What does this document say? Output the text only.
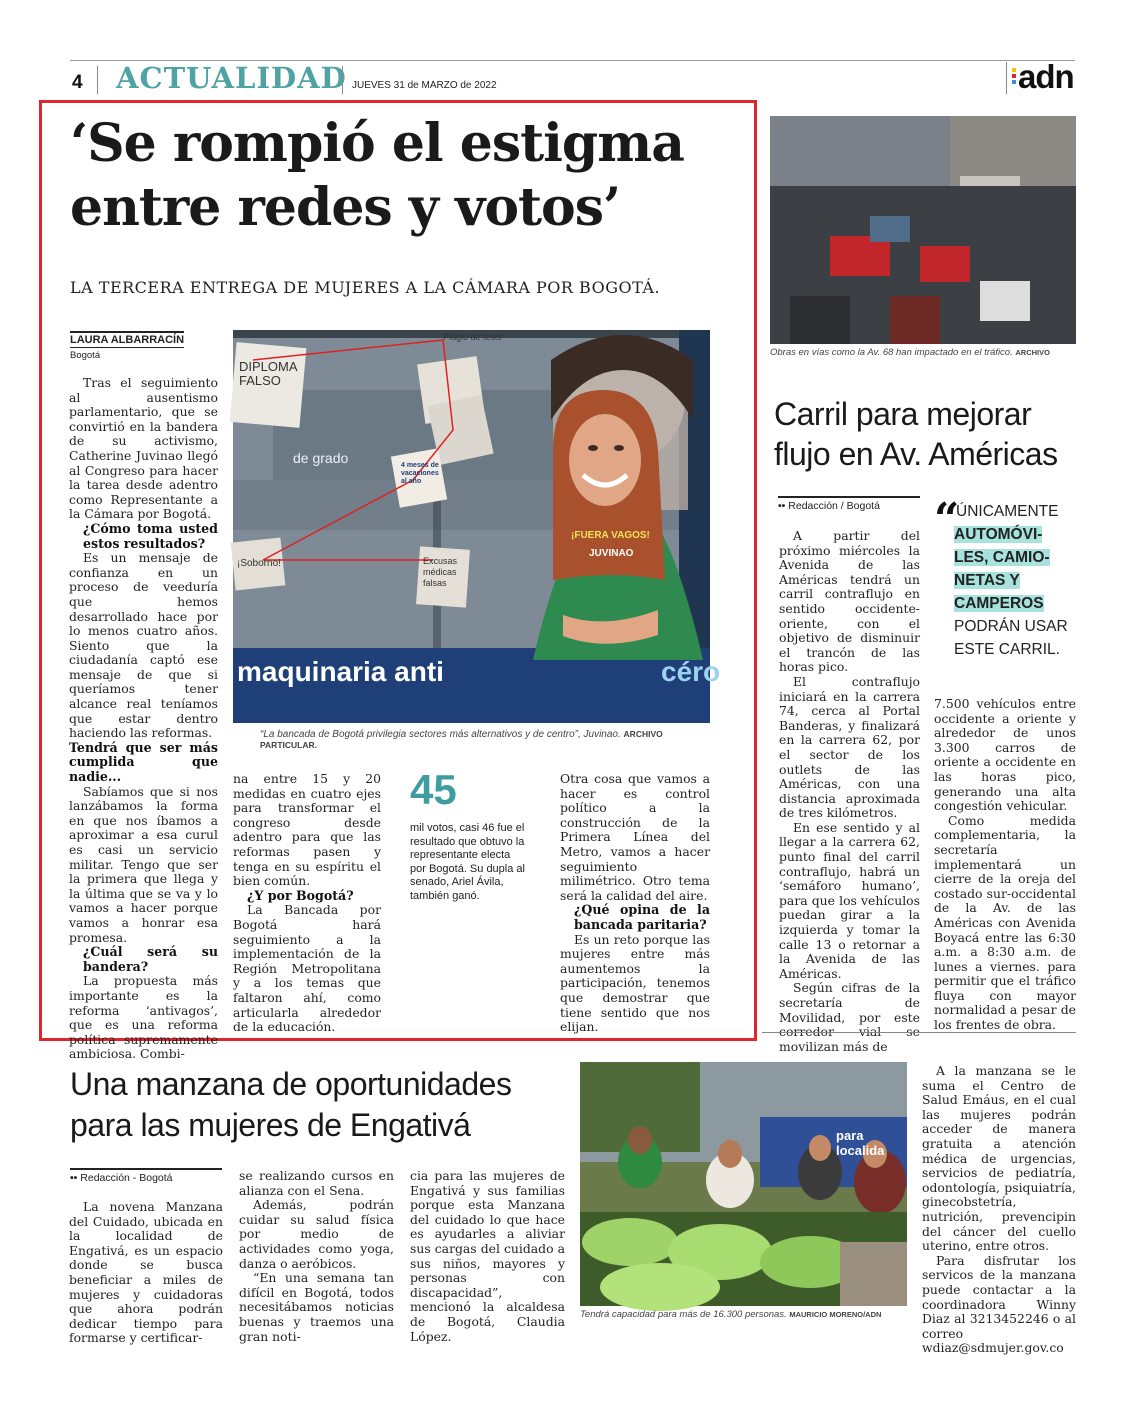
4 ACTUALIDAD JUEVES 31 de MARZO de 2022	adn
‘Se rompió el estigma
entre redes y votos’
LA TERCERA ENTREGA DE MUJERES A LA CÁMARA POR BOGOTÁ.
LAURA ALBARRACÍN
Bogotá

Tras el seguimiento al ausentismo parlamentario, que se convirtió en la bandera de su activismo, Catherine Juvinao llegó al Congreso para hacer la tarea desde adentro como Representante a la Cámara por Bogotá.

¿Cómo toma usted estos resultados?

Es un mensaje de confianza en un proceso de veeduría que hemos desarrollado hace por lo menos cuatro años. Siento que la ciudadanía captó ese mensaje de que si queríamos tener alcance real teníamos que estar dentro haciendo las reformas.

Tendrá que ser más cumplida que nadie...

Sabíamos que si nos lanzábamos la forma en que nos íbamos a aproximar a esa curul es casi un servicio militar. Tengo que ser la primera que llega y la última que se va y lo vamos a hacer porque vamos a honrar esa promesa.

¿Cuál será su bandera?

La propuesta más importante es la reforma ‘antivagos’, que es una reforma política supremamente ambiciosa. Combi-

Plagio de tesis
DIPLOMA FALSO
4 meses de vacaciones al año
de grado
Excusas médicas falsas
¡Soborno!
¡FUERA VAGOS!
JUVINAO
maquinaria anti	céro
“La bancada de Bogotá privilegia sectores más alternativos y de centro”, Juvinao. ARCHIVO PARTICULAR.
na entre 15 y 20 medidas en cuatro ejes para transformar el congreso desde adentro para que las reformas pasen y tenga en su espíritu el bien común.
¿Y por Bogotá?

La Bancada por Bogotá hará seguimiento a la implementación de la Región Metropolitana y a los temas que faltaron ahí, como articularla alrededor de la educación.

45
mil votos, casi 46 fue el resultado que obtuvo la representante electa por Bogotá. Su dupla al senado, Ariel Ávila, también ganó.
Otra cosa que vamos a hacer es control político a la construcción de la Primera Línea del Metro, vamos a hacer seguimiento milimétrico. Otro tema será la calidad del aire.
¿Qué opina de la bancada paritaria?

Es un reto porque las mujeres entre más aumentemos la participación, tenemos que demostrar que tiene sentido que nos elijan.

Obras en vías como la Av. 68 han impactado en el tráfico. ARCHIVO
Carril para mejorar
flujo en Av. Américas
•• Redacción / Bogotá	“
ÚNICAMENTE
AUTOMÓVI-
LES, CAMIO-
NETAS Y
CAMPEROS
PODRÁN USAR
ESTE CARRIL.

A partir del próximo miércoles la Avenida de las Américas tendrá un carril contraflujo en sentido occidente-oriente, con el objetivo de disminuir el trancón de las horas pico.

El contraflujo iniciará en la carrera 74, cerca al Portal Banderas, y finalizará en la carrera 62, por el sector de los outlets de las Américas, con una distancia aproximada de tres kilómetros.

En ese sentido y al llegar a la carrera 62, punto final del carril contraflujo, habrá un ‘semáforo humano’, para que los vehículos puedan girar a la izquierda y tomar la calle 13 o retornar a la Avenida de las Américas.

Según cifras de la secretaría de Movilidad, por este corredor vial se movilizan más de

7.500 vehículos entre occidente a oriente y alrededor de unos 3.300 carros de oriente a occidente en las horas pico, generando una alta congestión vehicular.

Como medida complementaria, la secretaría implementará un cierre de la oreja del costado sur-occidental de la Av. de las Américas con Avenida Boyacá entre las 6:30 a.m. a 8:30 a.m. de lunes a viernes. para permitir que el tráfico fluya con mayor normalidad a pesar de los frentes de obra.

Una manzana de oportunidades
para las mujeres de Engativá
•• Redacción - Bogotá

La novena Manzana del Cuidado, ubicada en la localidad de Engativá, es un espacio donde se busca beneficiar a miles de mujeres y cuidadoras que ahora podrán dedicar tiempo para formarse y certificar-

se realizando cursos en alianza con el Sena.

Además, podrán cuidar su salud física por medio de actividades como yoga, danza o aeróbicos.

“En una semana tan difícil en Bogotá, todos necesitábamos noticias buenas y traemos una gran noti-

cia para las mujeres de Engativá y sus familias porque esta Manzana del cuidado lo que hace es ayudarles a aliviar sus cargas del cuidado a sus niños, mayores y personas con discapacidad”, mencionó la alcaldesa de Bogotá, Claudia López.
para localida
Tendrá capacidad para más de 16.300 personas. MAURICIO MORENO/ADN

A la manzana se le suma el Centro de Salud Emáus, en el cual las mujeres podrán acceder de manera gratuita a atención médica de urgencias, servicios de pediatría, odontología, psiquiatría, ginecobstetría, nutrición, prevencipin del cáncer del cuello uterino, entre otros.

Para disfrutar los servicos de la manzana puede contactar a la coordinadora Winny Diaz al 3213452246 o al correo wdiaz@sdmujer.gov.co
